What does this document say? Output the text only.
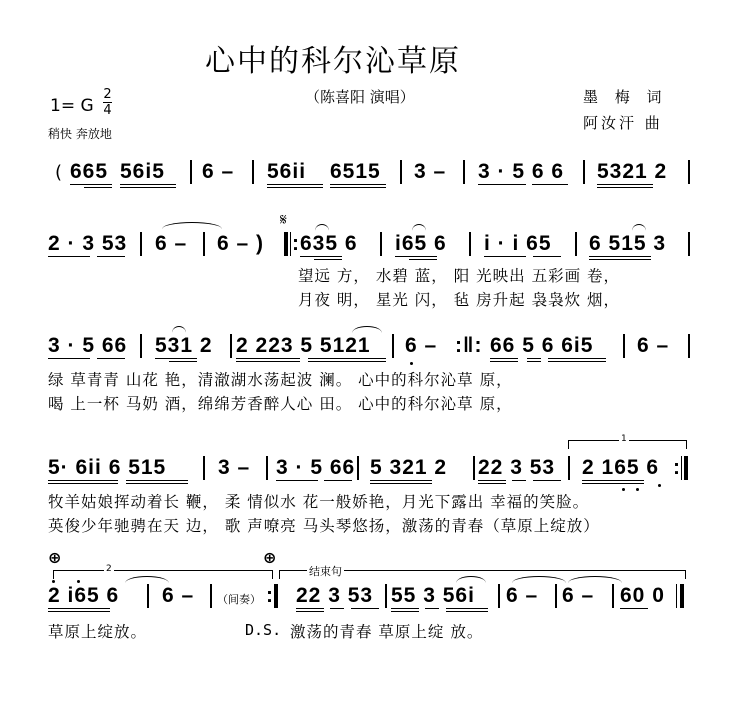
心中的科尔沁草原
（陈喜阳 演唱）	墨 梅 词
阿汝汗 曲
1= G
2
4
稍快 奔放地
( 665 56i5 6 – 56ii 6515 3 – 3 · 5 6 6 5321 2
2 · 3 53 6 – 6 – )
𝄋
: 635 6 i65 6 i · i 65 6 515 3
望远 方， 水碧 蓝， 阳 光映出 五彩画 卷，
月夜 明， 星光 闪， 毡 房升起 袅袅炊 烟，
3 · 5 66 531 2 2 223 5 5121 6 – :‖: 66 5 6 6i5 6 –
绿 草青青 山花 艳，清澈湖水荡起波 澜。 心中的科尔沁草 原，
喝 上一杯 马奶 酒，绵绵芳香醉人心 田。 心中的科尔沁草 原，
5· 6ii 6 515 3 – 3 · 5 66 5 321 2 22 3 53
1
2 165 6 :
牧羊姑娘挥动着长 鞭， 柔 情似水 花一般娇艳，月光下露出 幸福的笑脸。
英俊少年驰骋在天 边， 歌 声嘹亮 马头琴悠扬，激荡的青春（草原上绽放）
⊕	⊕
2
2 i65 6 6 – （间奏） :
结束句
22 3 53 55 3 56i 6 – 6 – 60 0
草原上绽放。	D.S. 激荡的青春 草原上绽 放。
